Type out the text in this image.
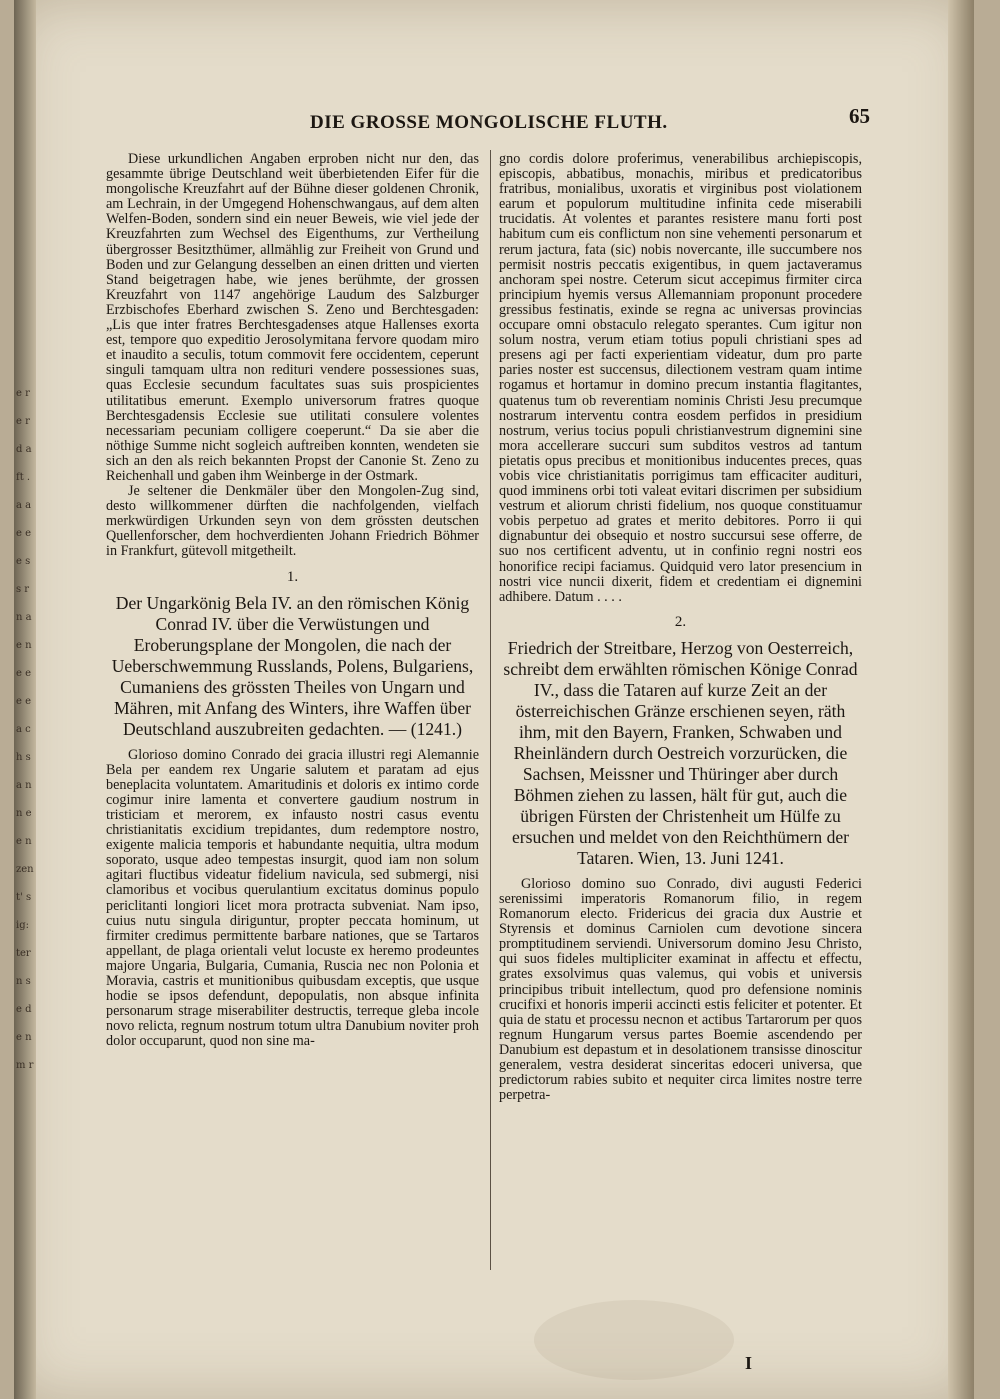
e r e r d a ft . a a e e e s s r n a e n e e e e a ch sa n n e e n zen t' sig: ter n se de n m r
DIE GROSSE MONGOLISCHE FLUTH.	65

Diese urkundlichen Angaben erproben nicht nur den, das gesammte übrige Deutschland weit überbietenden Eifer für die mongolische Kreuzfahrt auf der Bühne dieser goldenen Chronik, am Lechrain, in der Umgegend Hohenschwangaus, auf dem alten Welfen-Boden, sondern sind ein neuer Beweis, wie viel jede der Kreuzfahrten zum Wechsel des Eigenthums, zur Vertheilung übergrosser Besitzthümer, allmählig zur Freiheit von Grund und Boden und zur Gelangung desselben an einen dritten und vierten Stand beigetragen habe, wie jenes berühmte, der grossen Kreuzfahrt von 1147 angehörige Laudum des Salzburger Erzbischofes Eberhard zwischen S. Zeno und Berchtesgaden: „Lis que inter fratres Berchtesgadenses atque Hallenses exorta est, tempore quo expeditio Jerosolymitana fervore quodam miro et inaudito a seculis, totum commovit fere occidentem, ceperunt singuli tamquam ultra non redituri vendere possessiones suas, quas Ecclesie secundum facultates suas suis prospicientes utilitatibus emerunt. Exemplo universorum fratres quoque Berchtesgadensis Ecclesie sue utilitati consulere volentes necessariam pecuniam colligere coeperunt.“ Da sie aber die nöthige Summe nicht sogleich auftreiben konnten, wendeten sie sich an den als reich bekannten Propst der Canonie St. Zeno zu Reichenhall und gaben ihm Weinberge in der Ostmark.

Je seltener die Denkmäler über den Mongolen-Zug sind, desto willkommener dürften die nachfolgenden, vielfach merkwürdigen Urkunden seyn von dem grössten deutschen Quellenforscher, dem hochverdienten Johann Friedrich Böhmer in Frankfurt, gütevoll mitgetheilt.

1.

Der Ungarkönig Bela IV. an den römischen König Conrad IV. über die Verwüstungen und Eroberungsplane der Mongolen, die nach der Ueberschwemmung Russlands, Polens, Bulgariens, Cumaniens des grössten Theiles von Ungarn und Mähren, mit Anfang des Winters, ihre Waffen über Deutschland auszubreiten gedachten. — (1241.)

Glorioso domino Conrado dei gracia illustri regi Alemannie Bela per eandem rex Ungarie salutem et paratam ad ejus beneplacita voluntatem. Amaritudinis et doloris ex intimo corde cogimur inire lamenta et convertere gaudium nostrum in tristiciam et merorem, ex infausto nostri casus eventu christianitatis excidium trepidantes, dum redemptore nostro, exigente malicia temporis et habundante nequitia, ultra modum soporato, usque adeo tempestas insurgit, quod iam non solum agitari fluctibus videatur fidelium navicula, sed submergi, nisi clamoribus et vocibus querulantium excitatus dominus populo periclitanti longiori licet mora protracta subveniat. Nam ipso, cuius nutu singula diriguntur, propter peccata hominum, ut firmiter credimus permittente barbare nationes, que se Tartaros appellant, de plaga orientali velut locuste ex heremo prodeuntes majore Ungaria, Bulgaria, Cumania, Ruscia nec non Polonia et Moravia, castris et munitionibus quibusdam exceptis, que usque hodie se ipsos defendunt, depopulatis, non absque infinita personarum strage miserabiliter destructis, terreque gleba incole novo relicta, regnum nostrum totum ultra Danubium noviter proh dolor occuparunt, quod non sine ma-

gno cordis dolore proferimus, venerabilibus archiepiscopis, episcopis, abbatibus, monachis, miribus et predicatoribus fratribus, monialibus, uxoratis et virginibus post violationem earum et populorum multitudine infinita cede miserabili trucidatis. At volentes et parantes resistere manu forti post habitum cum eis conflictum non sine vehementi personarum et rerum jactura, fata (sic) nobis novercante, ille succumbere nos permisit nostris peccatis exigentibus, in quem jactaveramus anchoram spei nostre. Ceterum sicut accepimus firmiter circa principium hyemis versus Allemanniam proponunt procedere gressibus festinatis, exinde se regna ac universas provincias occupare omni obstaculo relegato sperantes. Cum igitur non solum nostra, verum etiam totius populi christiani spes ad presens agi per facti experientiam videatur, dum pro parte paries noster est succensus, dilectionem vestram quam intime rogamus et hortamur in domino precum instantia flagitantes, quatenus tum ob reverentiam nominis Christi Jesu precumque nostrarum interventu contra eosdem perfidos in presidium nostrum, verius tocius populi christianvestrum dignemini sine mora accellerare succuri sum subditos vestros ad tantum pietatis opus precibus et monitionibus inducentes preces, quas vobis vice christianitatis porrigimus tam efficaciter audituri, quod imminens orbi toti valeat evitari discrimen per subsidium vestrum et aliorum christi fidelium, nos quoque constituamur vobis perpetuo ad grates et merito debitores. Porro ii qui dignabuntur dei obsequio et nostro succursui sese offerre, de suo nos certificent adventu, ut in confinio regni nostri eos honorifice recipi faciamus. Quidquid vero lator presencium in nostri vice nuncii dixerit, fidem et credentiam ei dignemini adhibere. Datum . . . .

2.

Friedrich der Streitbare, Herzog von Oesterreich, schreibt dem erwählten römischen Könige Conrad IV., dass die Tataren auf kurze Zeit an der österreichischen Gränze erschienen seyen, räth ihm, mit den Bayern, Franken, Schwaben und Rheinländern durch Oestreich vorzurücken, die Sachsen, Meissner und Thüringer aber durch Böhmen ziehen zu lassen, hält für gut, auch die übrigen Fürsten der Christenheit um Hülfe zu ersuchen und meldet von den Reichthümern der Tataren. Wien, 13. Juni 1241.

Glorioso domino suo Conrado, divi augusti Federici serenissimi imperatoris Romanorum filio, in regem Romanorum electo. Fridericus dei gracia dux Austrie et Styrensis et dominus Carniolen cum devotione sincera promptitudinem serviendi. Universorum domino Jesu Christo, qui suos fideles multipliciter examinat in affectu et effectu, grates exsolvimus quas valemus, qui vobis et universis principibus tribuit intellectum, quod pro defensione nominis crucifixi et honoris imperii accincti estis feliciter et potenter. Et quia de statu et processu necnon et actibus Tartarorum per quos regnum Hungarum versus partes Boemie ascendendo per Danubium est depastum et in desolationem transisse dinoscitur generalem, vestra desiderat sinceritas edoceri universa, que predictorum rabies subito et nequiter circa limites nostre terre perpetra-

I
